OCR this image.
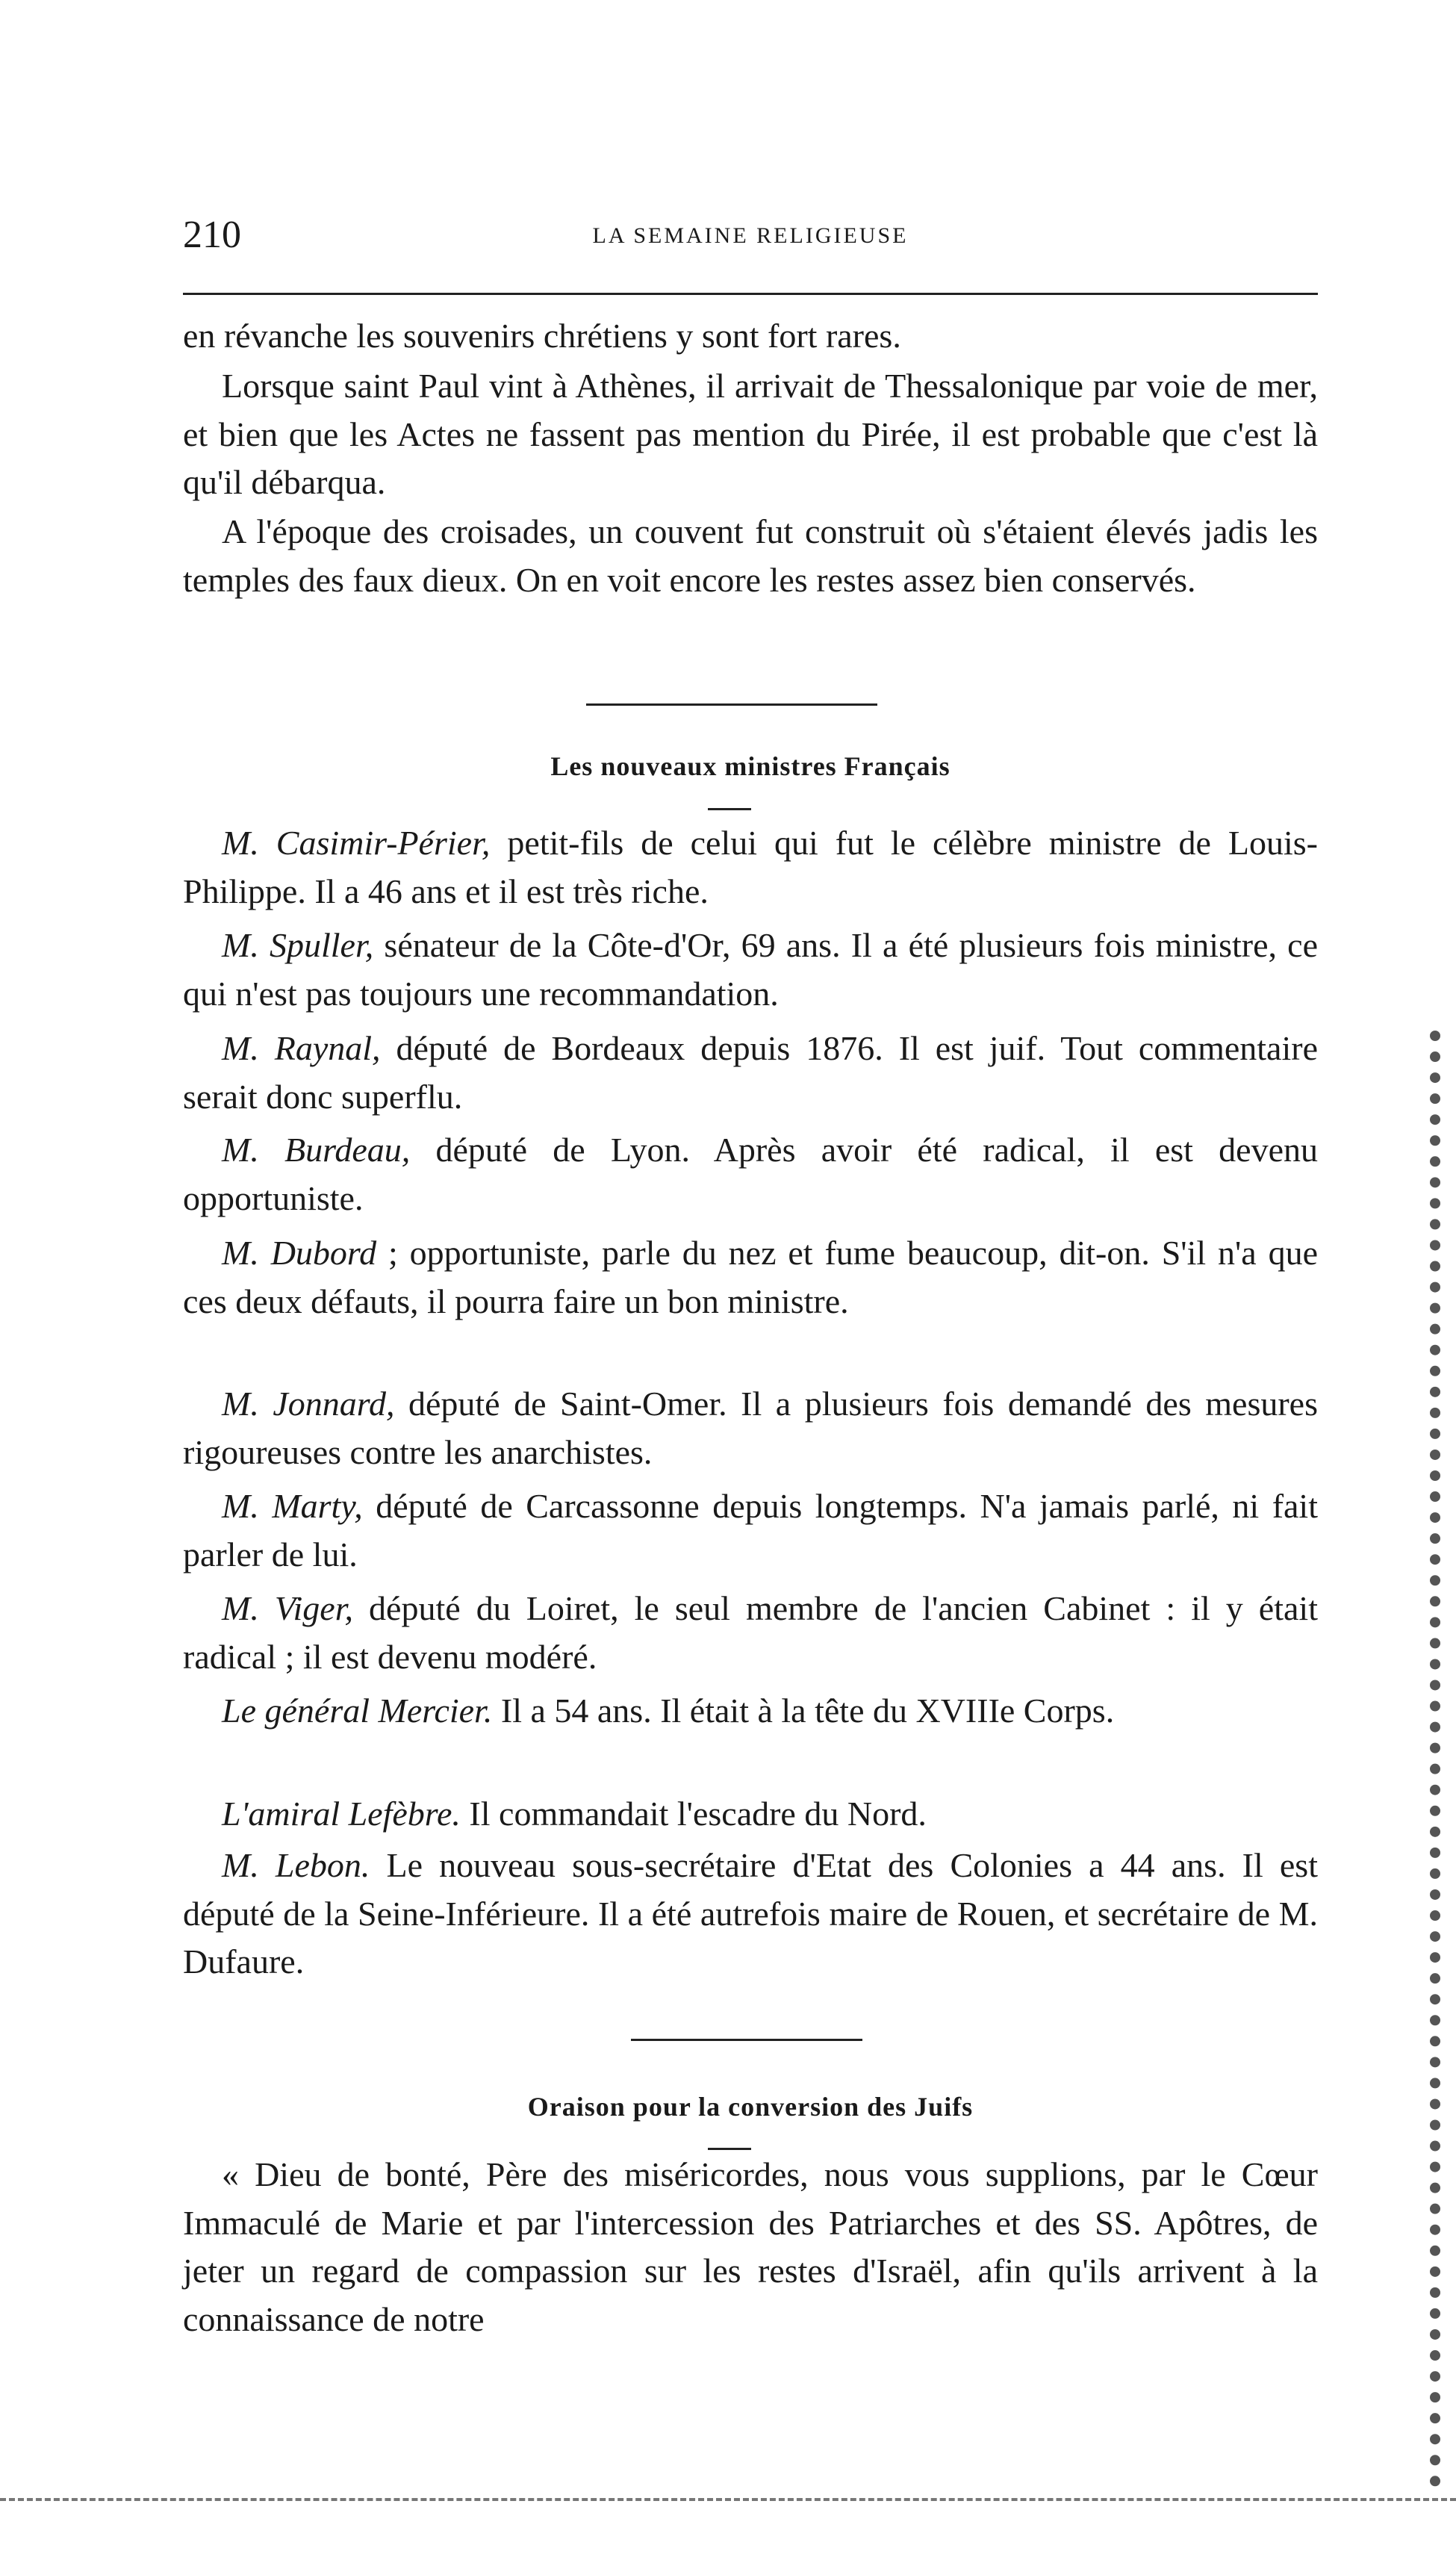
210	LA SEMAINE RELIGIEUSE

en révanche les souvenirs chrétiens y sont fort rares.

Lorsque saint Paul vint à Athènes, il arrivait de Thessalonique par voie de mer, et bien que les Actes ne fassent pas mention du Pirée, il est probable que c'est là qu'il débarqua.

A l'époque des croisades, un couvent fut construit où s'étaient élevés jadis les temples des faux dieux. On en voit encore les restes assez bien conservés.

Les nouveaux ministres Français

M. Casimir-Périer, petit-fils de celui qui fut le célèbre ministre de Louis-Philippe. Il a 46 ans et il est très riche.

M. Spuller, sénateur de la Côte-d'Or, 69 ans. Il a été plusieurs fois ministre, ce qui n'est pas toujours une recommandation.

M. Raynal, député de Bordeaux depuis 1876. Il est juif. Tout commentaire serait donc superflu.

M. Burdeau, député de Lyon. Après avoir été radical, il est devenu opportuniste.

M. Dubord ; opportuniste, parle du nez et fume beaucoup, dit-on. S'il n'a que ces deux défauts, il pourra faire un bon ministre.

M. Jonnard, député de Saint-Omer. Il a plusieurs fois demandé des mesures rigoureuses contre les anarchistes.

M. Marty, député de Carcassonne depuis longtemps. N'a jamais parlé, ni fait parler de lui.

M. Viger, député du Loiret, le seul membre de l'ancien Cabinet : il y était radical ; il est devenu modéré.

Le général Mercier. Il a 54 ans. Il était à la tête du XVIIIe Corps.

L'amiral Lefèbre. Il commandait l'escadre du Nord.

M. Lebon. Le nouveau sous-secrétaire d'Etat des Colonies a 44 ans. Il est député de la Seine-Inférieure. Il a été autrefois maire de Rouen, et secrétaire de M. Dufaure.

Oraison pour la conversion des Juifs

« Dieu de bonté, Père des miséricordes, nous vous supplions, par le Cœur Immaculé de Marie et par l'intercession des Patriarches et des SS. Apôtres, de jeter un regard de compassion sur les restes d'Israël, afin qu'ils arrivent à la connaissance de notre
